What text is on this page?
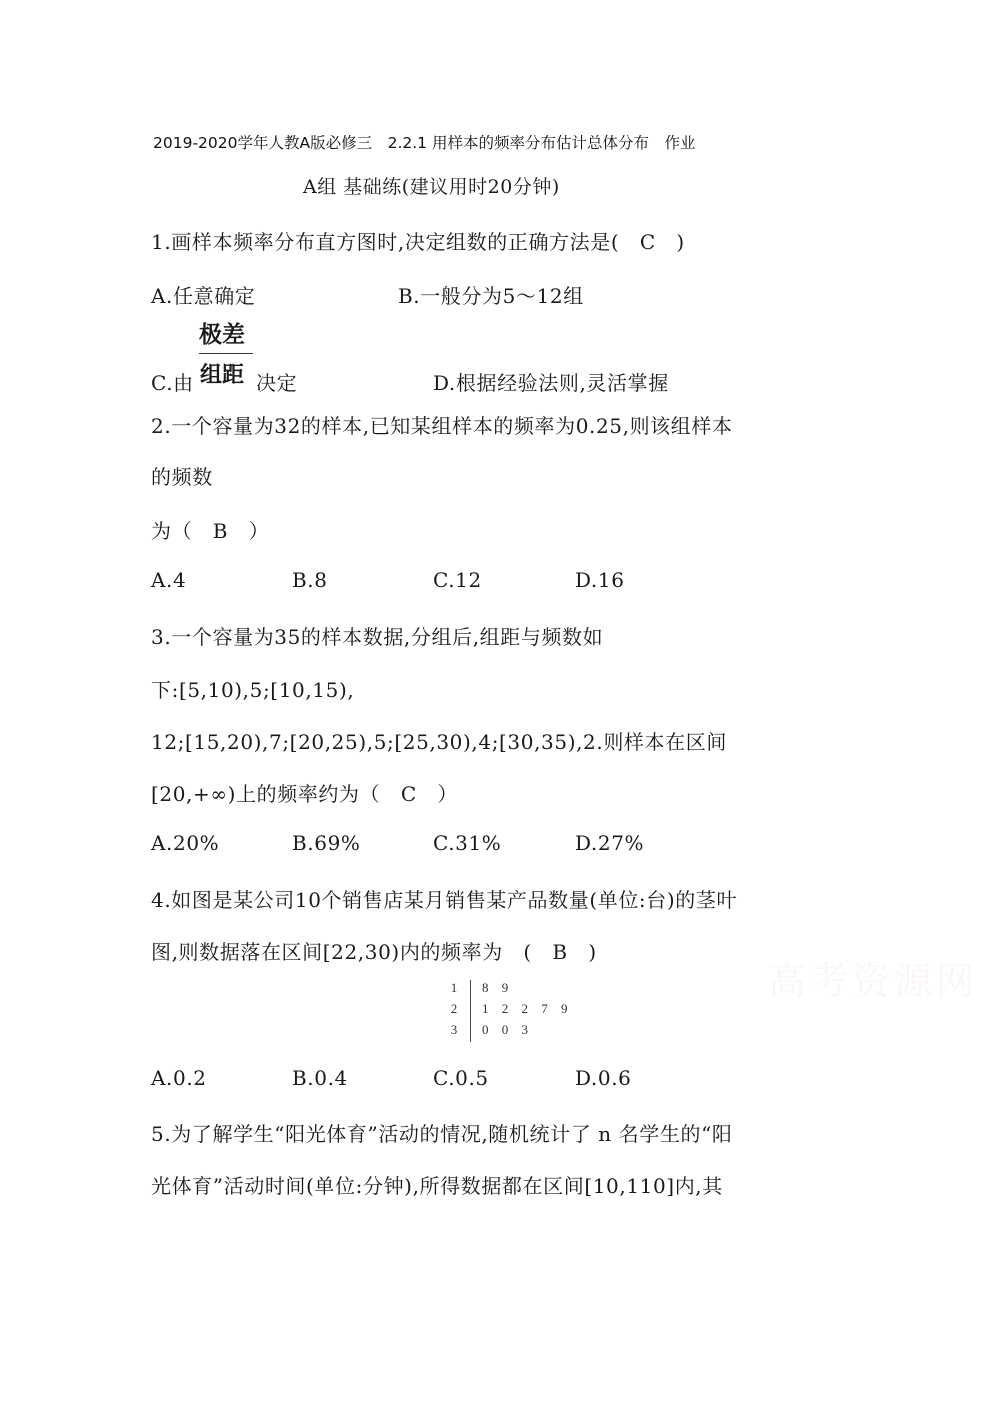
2019-2020学年人教A版必修三　2.2.1 用样本的频率分布估计总体分布　作业
A组 基础练(建议用时20分钟)
1.画样本频率分布直方图时,决定组数的正确方法是(　C　)
A.任意确定	B.一般分为5～12组
C.由
极差
组距 决定	D.根据经验法则,灵活掌握
2.一个容量为32的样本,已知某组样本的频率为0.25,则该组样本
的频数
为（　B　）
A.4	B.8	C.12	D.16
3.一个容量为35的样本数据,分组后,组距与频数如
下:[5,10),5;[10,15),
12;[15,20),7;[20,25),5;[25,30),4;[30,35),2.则样本在区间
[20,+∞)上的频率约为（　C　）
A.20%	B.69%	C.31%	D.27%
4.如图是某公司10个销售店某月销售某产品数量(单位:台)的茎叶
图,则数据落在区间[22,30)内的频率为　(　B　)
1 8 9
2 1 2 2 7 9
3 0 0 3
A.0.2	B.0.4	C.0.5	D.0.6
5.为了解学生“阳光体育”活动的情况,随机统计了 n 名学生的“阳
光体育”活动时间(单位:分钟),所得数据都在区间[10,110]内,其
高考资源网
